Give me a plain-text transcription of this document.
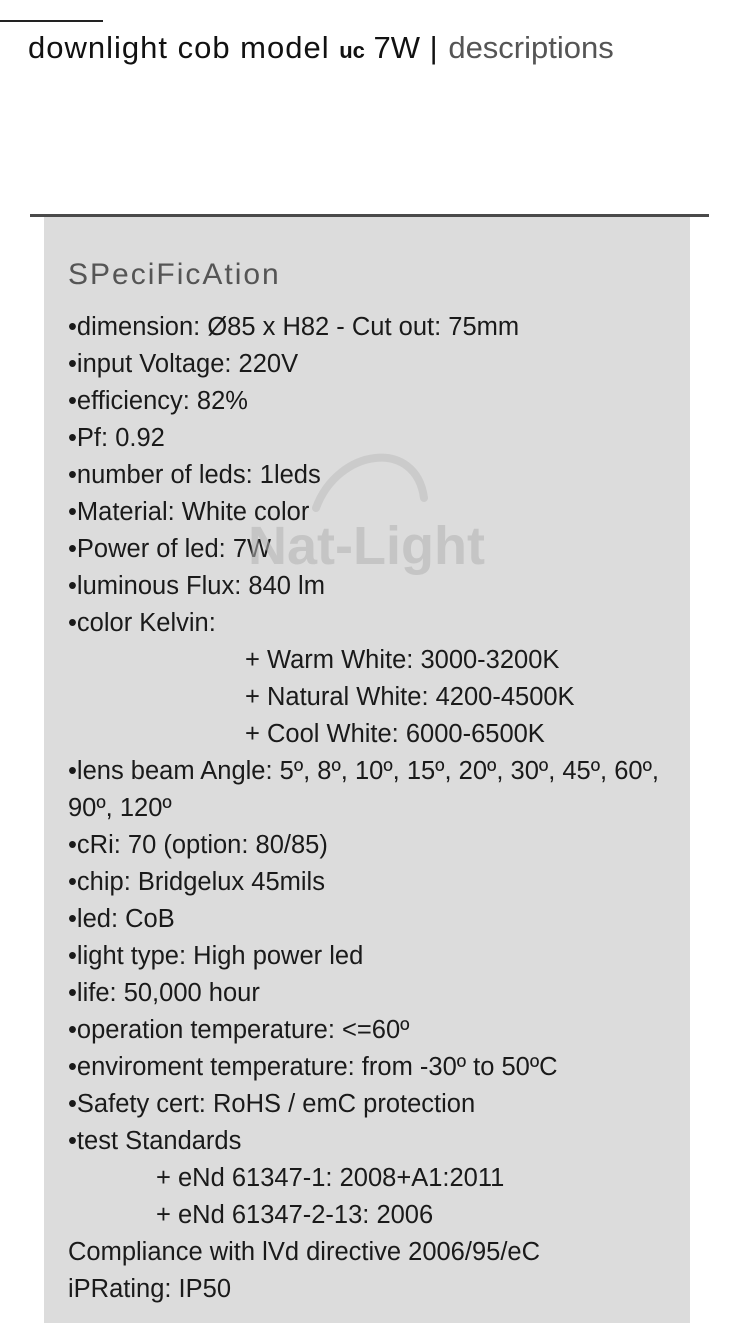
downlight cob model uc 7W | descriptions
SPeciFicAtion
•dimension: Ø85 x H82 - Cut out: 75mm
•input Voltage: 220V
•efficiency: 82%
•Pf: 0.92
•number of leds: 1leds
•Material: White color
•Power of led: 7W
•luminous Flux: 840 lm
•color Kelvin:
+ Warm White: 3000-3200K
+ Natural White: 4200-4500K
+ Cool White: 6000-6500K
•lens beam Angle: 5º, 8º, 10º, 15º, 20º, 30º, 45º, 60º, 90º, 120º
•cRi: 70 (option: 80/85)
•chip: Bridgelux 45mils
•led: CoB
•light type: High power led
•life: 50,000 hour
•operation temperature: <=60º
•enviroment temperature: from -30º to 50ºC
•Safety cert: RoHS / emC protection
•test Standards
+ eNd 61347-1: 2008+A1:2011
+ eNd 61347-2-13: 2006
Compliance with lVd directive 2006/95/eC
iPRating: IP50
Nat-Light
